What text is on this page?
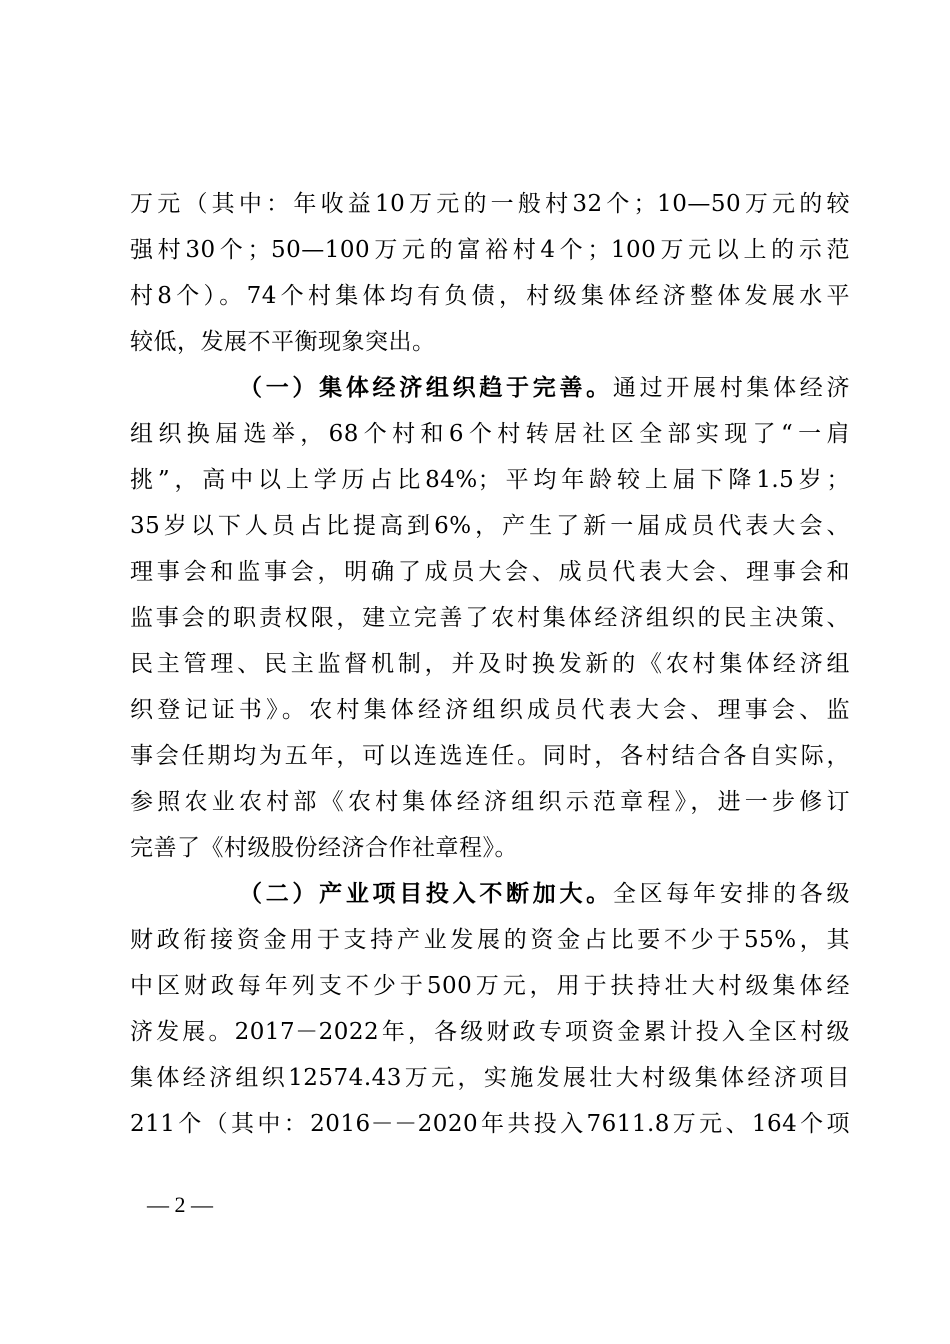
万元（其中：年收益10万元的一般村32个；10—50万元的较
强村30个；50—100万元的富裕村4个；100万元以上的示范
村8个）。74个村集体均有负债，村级集体经济整体发展水平
较低，发展不平衡现象突出。
（一）集体经济组织趋于完善。通过开展村集体经济
组织换届选举，68个村和6个村转居社区全部实现了“一肩
挑”，高中以上学历占比84%；平均年龄较上届下降1.5岁；
35岁以下人员占比提高到6%，产生了新一届成员代表大会、
理事会和监事会，明确了成员大会、成员代表大会、理事会和
监事会的职责权限，建立完善了农村集体经济组织的民主决策、
民主管理、民主监督机制，并及时换发新的《农村集体经济组
织登记证书》。农村集体经济组织成员代表大会、理事会、监
事会任期均为五年，可以连选连任。同时，各村结合各自实际，
参照农业农村部《农村集体经济组织示范章程》，进一步修订
完善了《村级股份经济合作社章程》。
（二）产业项目投入不断加大。全区每年安排的各级
财政衔接资金用于支持产业发展的资金占比要不少于55%，其
中区财政每年列支不少于500万元，用于扶持壮大村级集体经
济发展。2017－2022年，各级财政专项资金累计投入全区村级
集体经济组织12574.43万元，实施发展壮大村级集体经济项目
211个（其中：2016－－2020年共投入7611.8万元、164个项
— 2 —
